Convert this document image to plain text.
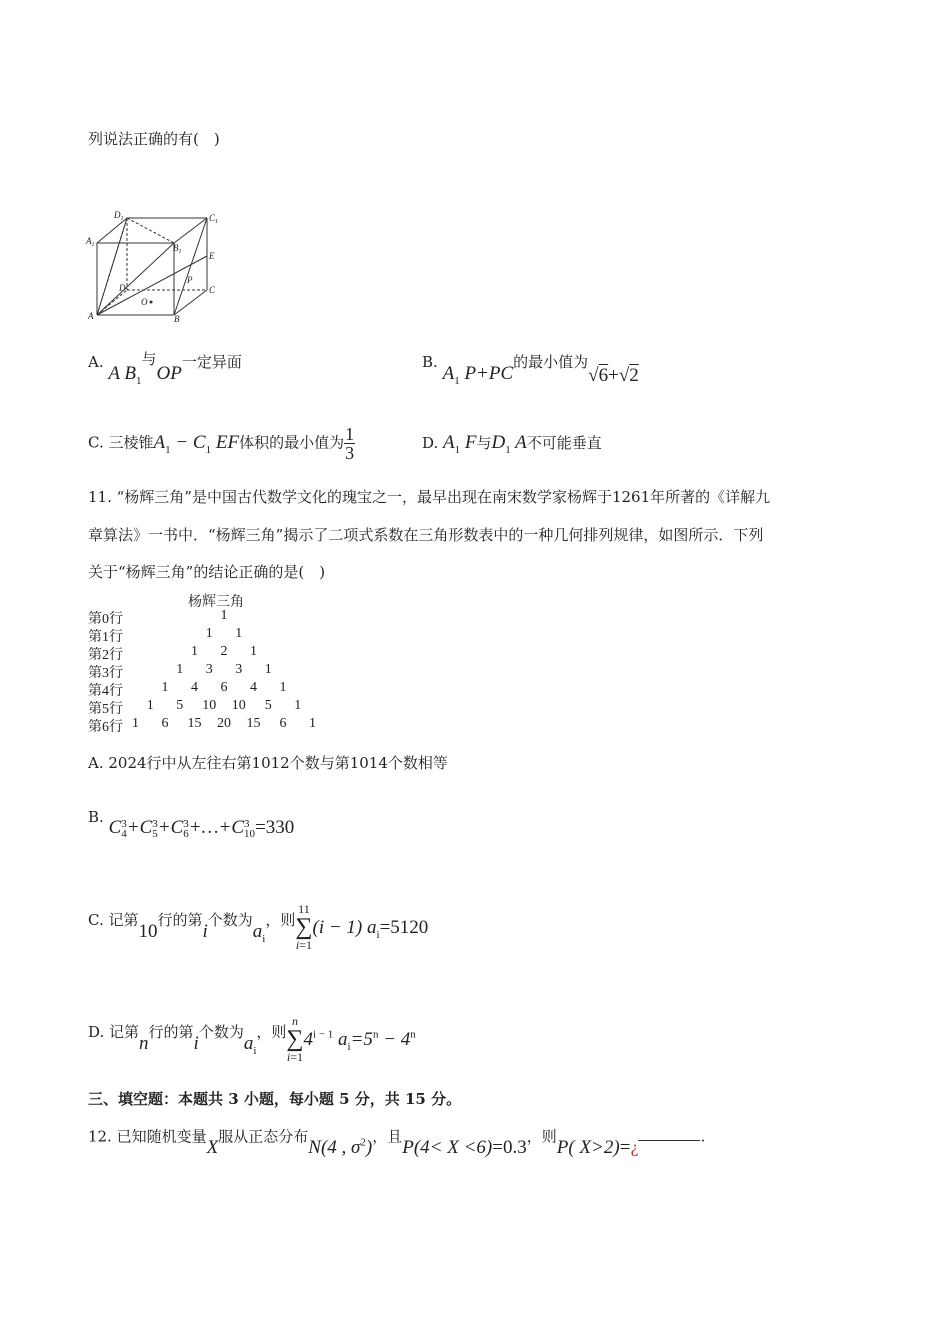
列说法正确的有(　)
$D_1$	$C_1$
$A_1$	$B_1$	E
P
D	C
O
A	B
A. A $B_1$与OP一定异面	B. $A_1$ P+PC的最小值为√6+√2
C. 三棱锥$A_1 - C_1$ EF体积的最小值为 $\frac{1}{3}$	D. $A_1$ F与$D_1$ A不可能垂直
11. “杨辉三角”是中国古代数学文化的瑰宝之一，最早出现在南宋数学家杨辉于1261年所著的《详解九
章算法》一书中．“杨辉三角”揭示了二项式系数在三角形数表中的一种几何排列规律，如图所示．下列
关于“杨辉三角”的结论正确的是(　)
杨辉三角
第0行	1
第1行	1	1
第2行	1	2	1
第3行	1	3	3	1
第4行	1	4	6	4	1
第5行	1	5	10	10	5	1
第6行 1	6	15	20	15	6	1
A. 2024行中从左往右第1012个数与第1014个数相等
B. C 3
4 +C 3
5 +C 3
6 +…+C 3
10 =330
C. 记第10行的第i个数为$a_i$，则
11
∑
i=1
(i − 1) $a_i=5120$
D. 记第n行的第i个数为$a_i$，则
n
∑
i=1
$4^{i - 1}$ $a_i=5^n - 4^n$
三、填空题：本题共 3 小题，每小题 5 分，共 15 分。
12. 已知随机变量X服从正态分布N(4 , $\sigma^2$)，且P(4< X <6)=0.3，则P( X>2)=¿.
